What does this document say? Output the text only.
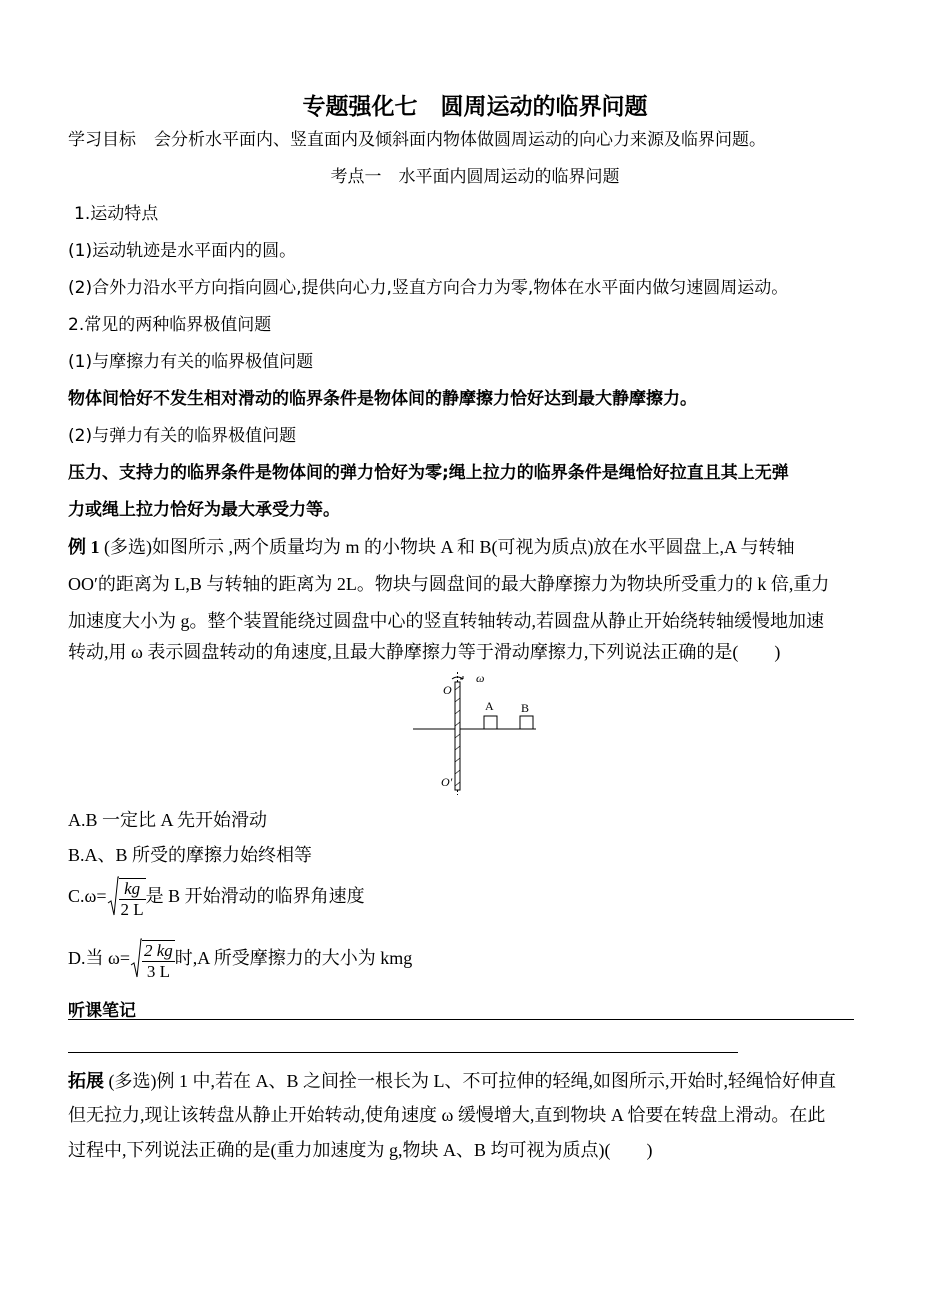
专题强化七　圆周运动的临界问题
学习目标 会分析水平面内、竖直面内及倾斜面内物体做圆周运动的向心力来源及临界问题。
考点一　水平面内圆周运动的临界问题
1.运动特点
(1)运动轨迹是水平面内的圆。
(2)合外力沿水平方向指向圆心,提供向心力,竖直方向合力为零,物体在水平面内做匀速圆周运动。
2.常见的两种临界极值问题
(1)与摩擦力有关的临界极值问题
物体间恰好不发生相对滑动的临界条件是物体间的静摩擦力恰好达到最大静摩擦力。
(2)与弹力有关的临界极值问题
压力、支持力的临界条件是物体间的弹力恰好为零;绳上拉力的临界条件是绳恰好拉直且其上无弹
力或绳上拉力恰好为最大承受力等。
例 1 (多选)如图所示 ,两个质量均为 m 的小物块 A 和 B(可视为质点)放在水平圆盘上,A 与转轴
OO′的距离为 L,B 与转轴的距离为 2L。物块与圆盘间的最大静摩擦力为物块所受重力的 k 倍,重力
加速度大小为 g。整个装置能绕过圆盘中心的竖直转轴转动,若圆盘从静止开始绕转轴缓慢地加速
转动,用 ω 表示圆盘转动的角速度,且最大静摩擦力等于滑动摩擦力,下列说法正确的是(　　)
O
O′
ω
A B
A.B 一定比 A 先开始滑动
B.A、B 所受的摩擦力始终相等
$C.\omega= \frac{kg}{2 L}$ 是 B 开始滑动的临界角速度
D.当 $\omega= \frac{2 kg}{3 L}$ 时,A 所受摩擦力的大小为 kmg
听课笔记
拓展 (多选)例 1 中,若在 A、B 之间拴一根长为 L、不可拉伸的轻绳,如图所示,开始时,轻绳恰好伸直
但无拉力,现让该转盘从静止开始转动,使角速度 ω 缓慢增大,直到物块 A 恰要在转盘上滑动。在此
过程中,下列说法正确的是(重力加速度为 g,物块 A、B 均可视为质点)(　　)
